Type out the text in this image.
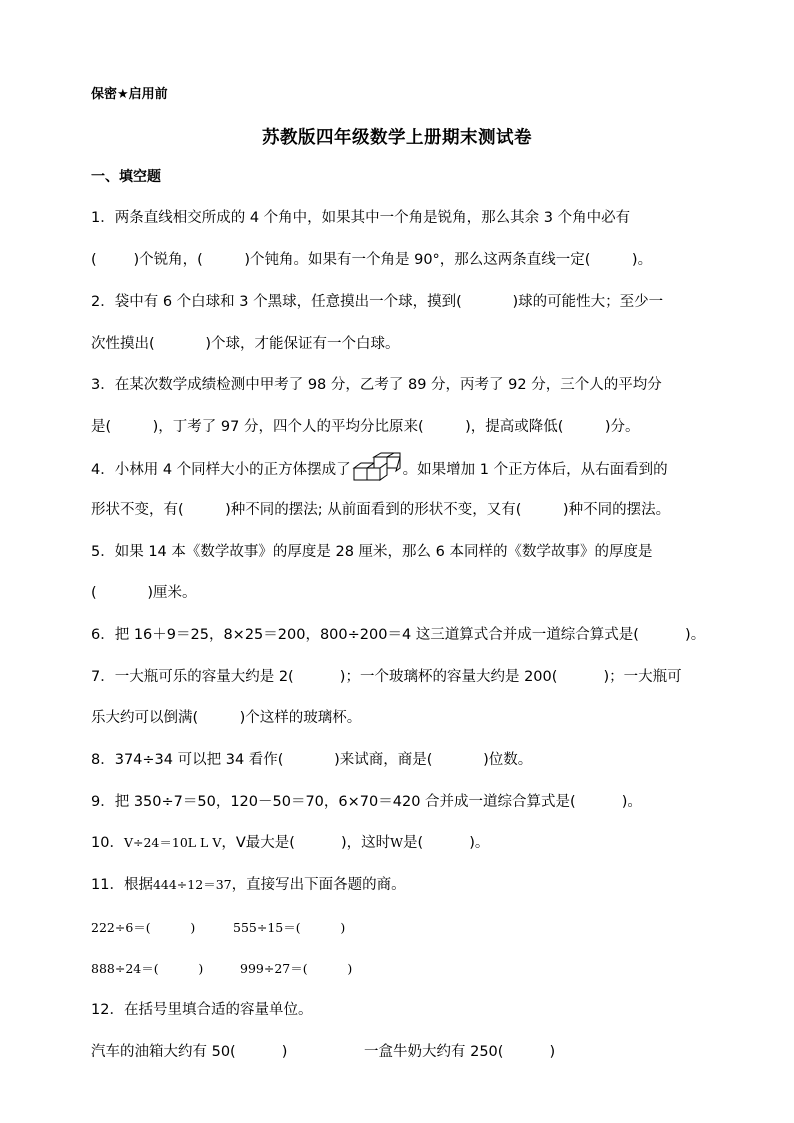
保密★启用前
苏教版四年级数学上册期末测试卷
一、填空题
1．两条直线相交所成的 4 个角中，如果其中一个角是锐角，那么其余 3 个角中必有
(        )个锐角，(         )个钝角。如果有一个角是 90°，那么这两条直线一定(         )。
2．袋中有 6 个白球和 3 个黑球，任意摸出一个球，摸到(           )球的可能性大；至少一
次性摸出(           )个球，才能保证有一个白球。
3．在某次数学成绩检测中甲考了 98 分，乙考了 89 分，丙考了 92 分，三个人的平均分
是(         )，丁考了 97 分，四个人的平均分比原来(         )，提高或降低(         )分。
4．小林用 4 个同样大小的正方体摆成了	。如果增加 1 个正方体后，从右面看到的
形状不变，有(         )种不同的摆法; 从前面看到的形状不变，又有(         )种不同的摆法。
5．如果 14 本《数学故事》的厚度是 28 厘米，那么 6 本同样的《数学故事》的厚度是
(           )厘米。
6．把 16＋9＝25，8×25＝200，800÷200＝4 这三道算式合并成一道综合算式是(          )。
7．一大瓶可乐的容量大约是 2(          )；一个玻璃杯的容量大约是 200(          )；一大瓶可
乐大约可以倒满(         )个这样的玻璃杯。
8．374÷34 可以把 34 看作(           )来试商，商是(           )位数。
9．把 350÷7＝50，120－50＝70，6×70＝420 合并成一道综合算式是(          )。
10．V÷24＝10L L V，V最大是(          )，这时W是(          )。
11．根据444÷12＝37，直接写出下面各题的商。
222÷6＝(          )	555÷15＝(          )
888÷24＝(          )	999÷27＝(          )
12．在括号里填合适的容量单位。
汽车的油箱大约有 50(          )	一盒牛奶大约有 250(          )
